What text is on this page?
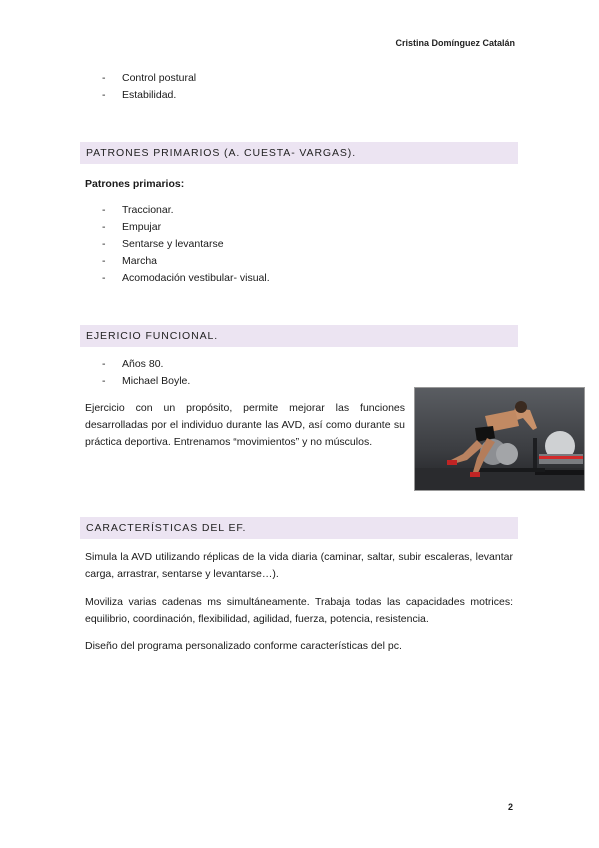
Cristina Domínguez Catalán
- Control postural
- Estabilidad.
PATRONES PRIMARIOS (A. CUESTA- VARGAS).
Patrones primarios:
- Traccionar.
- Empujar
- Sentarse y levantarse
- Marcha
- Acomodación vestibular- visual.
EJERICIO FUNCIONAL.
- Años 80.
- Michael Boyle.

Ejercicio con un propósito, permite mejorar las funciones desarrolladas por el individuo durante las AVD, así como durante su práctica deportiva. Entrenamos “movimientos” y no músculos.

CARACTERÍSTICAS DEL EF.

Simula la AVD utilizando réplicas de la vida diaria (caminar, saltar, subir escaleras, levantar carga, arrastrar, sentarse y levantarse…).

Moviliza varias cadenas ms simultáneamente. Trabaja todas las capacidades motrices: equilibrio, coordinación, flexibilidad, agilidad, fuerza, potencia, resistencia.

Diseño del programa personalizado conforme características del pc.

2
